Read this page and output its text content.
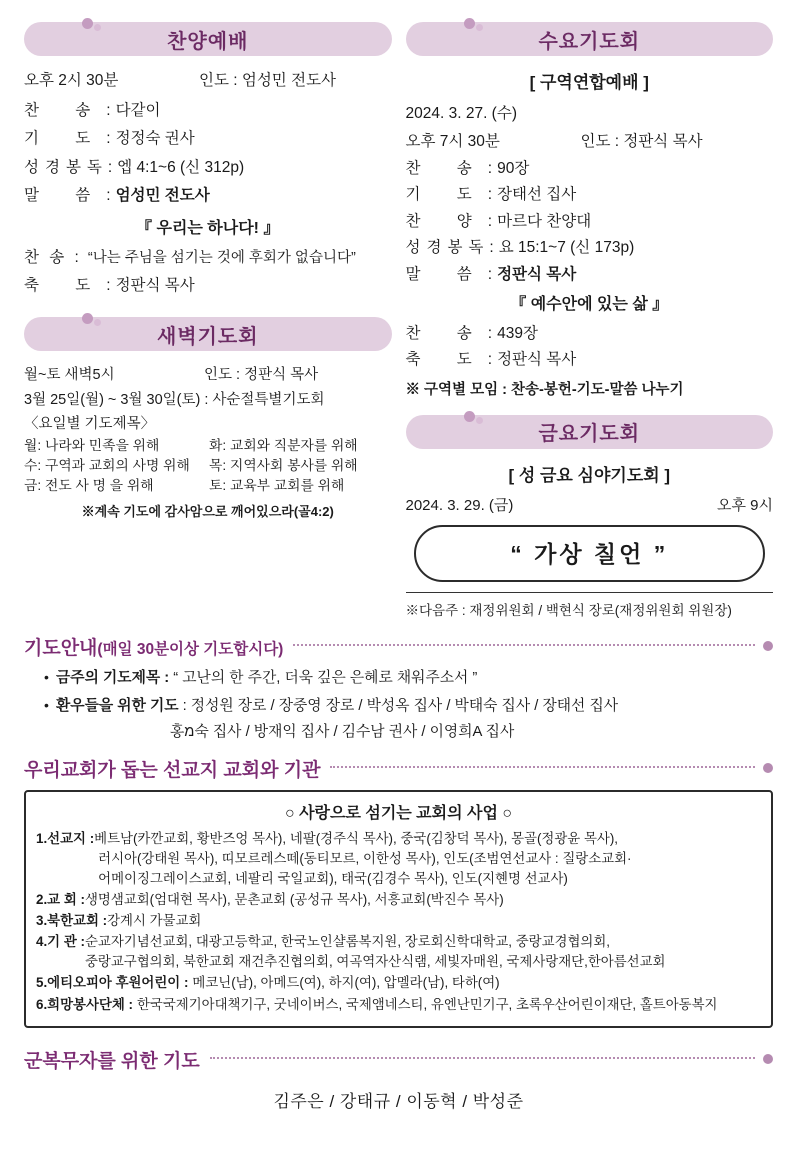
찬양예배
오후 2시 30분	인도 : 엄성민 전도사
찬 송 : 다같이
기 도 : 정정숙 권사
성경봉독 : 엡 4:1~6 (신 312p)
말 씀 : 엄성민 전도사
『 우리는 하나다! 』
찬 송 : “나는 주님을 섬기는 것에 후회가 없습니다”
축 도 : 정판식 목사
새벽기도회
월~토 새벽5시	인도 : 정판식 목사
3월 25일(월) ~ 3월 30일(토) : 사순절특별기도회
〈요일별 기도제목〉
월: 나라와 민족을 위해	화: 교회와 직분자를 위해
수: 구역과 교회의 사명 위해	목: 지역사회 봉사를 위해
금: 전도 사 명 을 위해	토: 교육부 교회를 위해
※계속 기도에 감사암으로 깨어있으라(골4:2)
수요기도회
[ 구역연합예배 ]
2024. 3. 27. (수)
오후 7시 30분	인도 : 정판식 목사
찬 송 : 90장
기 도 : 장태선 집사
찬 양 : 마르다 찬양대
성경봉독 : 요 15:1~7 (신 173p)
말 씀 : 정판식 목사
『 예수안에 있는 삶 』
찬 송 : 439장
축 도 : 정판식 목사
※ 구역별 모임 : 찬송-봉헌-기도-말씀 나누기
금요기도회
[ 성 금요 심야기도회 ]
2024. 3. 29. (금)	오후 9시
“ 가상 칠언 ”
※다음주 : 재정위원회 / 백현식 장로(재정위원회 위원장)
기도안내(매일 30분이상 기도합시다)
• 금주의 기도제목 : “ 고난의 한 주간, 더욱 깊은 은혜로 채워주소서 ”
• 환우들을 위한 기도 : 정성원 장로 / 장중영 장로 / 박성옥 집사 / 박태숙 집사 / 장태선 집사
홍מ숙 집사 / 방재익 집사 / 김수남 권사 / 이영희A 집사
우리교회가 돕는 선교지 교회와 기관
○ 사랑으로 섬기는 교회의 사업 ○
1.선교지 : 베트남(카깐교회, 황반즈엉 목사), 네팔(경주식 목사), 중국(김창덕 목사), 몽골(정광윤 목사),
러시아(강태원 목사), 띠모르레스떼(동티모르, 이한성 목사), 인도(조범연선교사 : 질랑소교회·
어메이징그레이스교회, 네팔리 국일교회), 태국(김경수 목사), 인도(지혠명 선교사)
2.교 회 : 생명샘교회(엄대현 목사), 문촌교회 (공성규 목사), 서흥교회(박진수 목사)
3.북한교회 : 강계시 가물교회
4.기 관 : 순교자기념선교회, 대광고등학교, 한국노인샬롬복지원, 장로회신학대학교, 중랑교경협의회,
중랑교구협의회, 북한교회 재건추진협의회, 여곡역자산식램, 세빛자매원, 국제사랑재단,한아름선교회
5.에티오피아 후원어린이 : 메코닌(남), 아메드(여), 하지(여), 압멜라(남), 타하(여)
6.희망봉사단체 : 한국국제기아대책기구, 굿네이버스, 국제앰네스티, 유엔난민기구, 초록우산어린이재단, 홀트아동복지
군복무자를 위한 기도
김주은 / 강태규 / 이동혁 / 박성준
